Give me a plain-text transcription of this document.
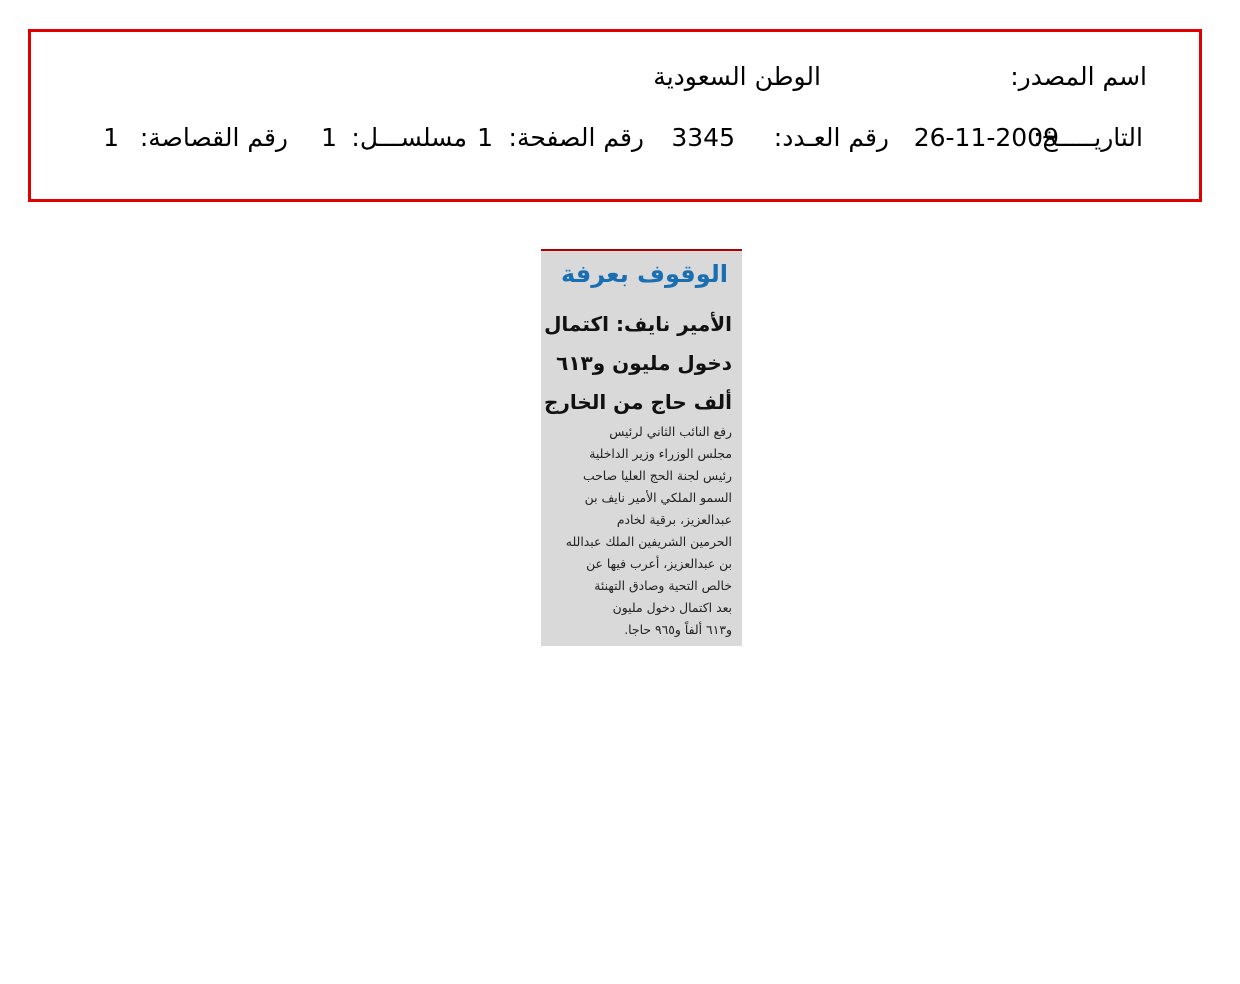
اسم المصدر:
الوطن السعودية
التاريـــــخ:
26-11-2009
رقم العـدد:
3345
رقم الصفحة:
1
مسلســـل:
1
رقم القصاصة:
1
الوقوف بعرفة
الأمير نايف: اكتمال
دخول مليون و٦١٣
ألف حاج من الخارج
رفع النائب الثاني لرئيس
مجلس الوزراء وزير الداخلية
رئيس لجنة الحج العليا صاحب
السمو الملكي الأمير نايف بن
عبدالعزيز، برقية لخادم
الحرمين الشريفين الملك عبدالله
بن عبدالعزيز، أعرب فيها عن
خالص التحية وصادق التهنئة
بعد اكتمال دخول مليون
و٦١٣ ألفاً و٩٦٥ حاجا.
